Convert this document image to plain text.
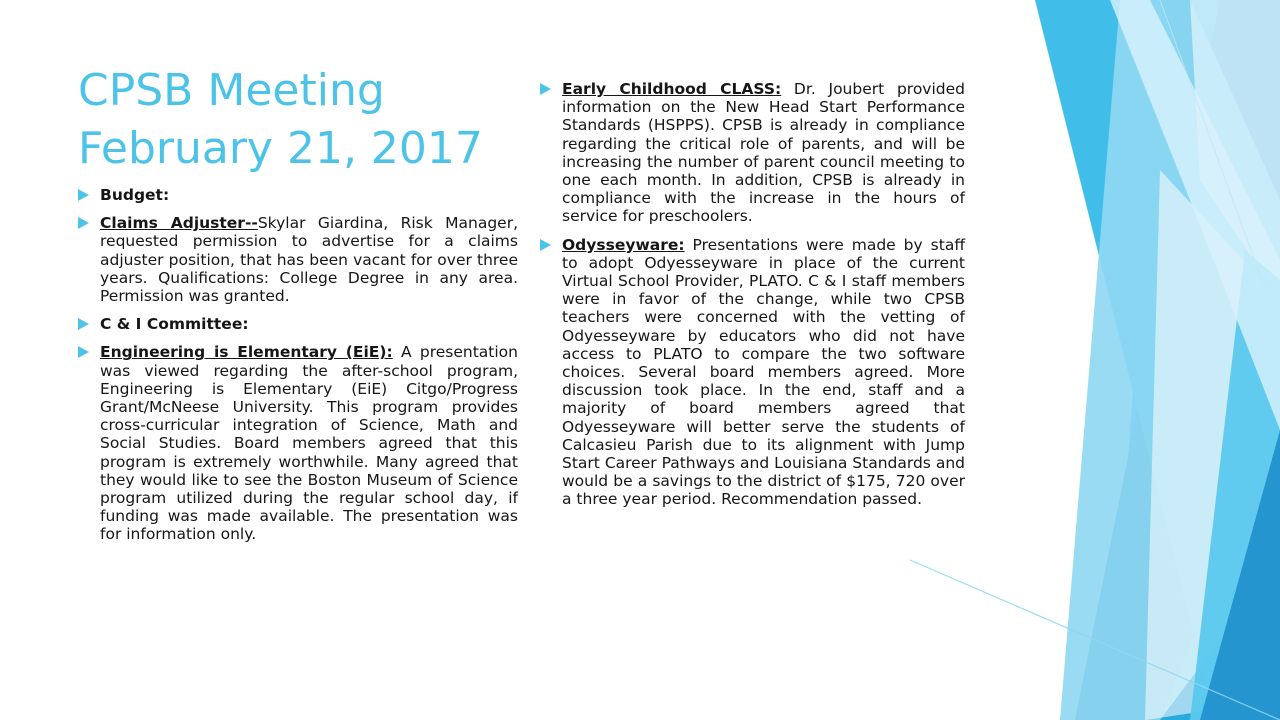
CPSB Meeting
February 21, 2017
Budget:
Claims Adjuster--Skylar Giardina, Risk Manager, requested permission to advertise for a claims adjuster position, that has been vacant for over three years. Qualifications: College Degree in any area. Permission was granted.
C & I Committee:
Engineering is Elementary (EiE): A presentation was viewed regarding the after-school program, Engineering is Elementary (EiE) Citgo/Progress Grant/McNeese University. This program provides cross-curricular integration of Science, Math and Social Studies. Board members agreed that this program is extremely worthwhile. Many agreed that they would like to see the Boston Museum of Science program utilized during the regular school day, if funding was made available. The presentation was for information only.
Early Childhood CLASS: Dr. Joubert provided information on the New Head Start Performance Standards (HSPPS). CPSB is already in compliance regarding the critical role of parents, and will be increasing the number of parent council meeting to one each month. In addition, CPSB is already in compliance with the increase in the hours of service for preschoolers.
Odysseyware: Presentations were made by staff to adopt Odyesseyware in place of the current Virtual School Provider, PLATO. C & I staff members were in favor of the change, while two CPSB teachers were concerned with the vetting of Odyesseyware by educators who did not have access to PLATO to compare the two software choices. Several board members agreed. More discussion took place. In the end, staff and a majority of board members agreed that Odyesseyware will better serve the students of Calcasieu Parish due to its alignment with Jump Start Career Pathways and Louisiana Standards and would be a savings to the district of $175, 720 over a three year period. Recommendation passed.
